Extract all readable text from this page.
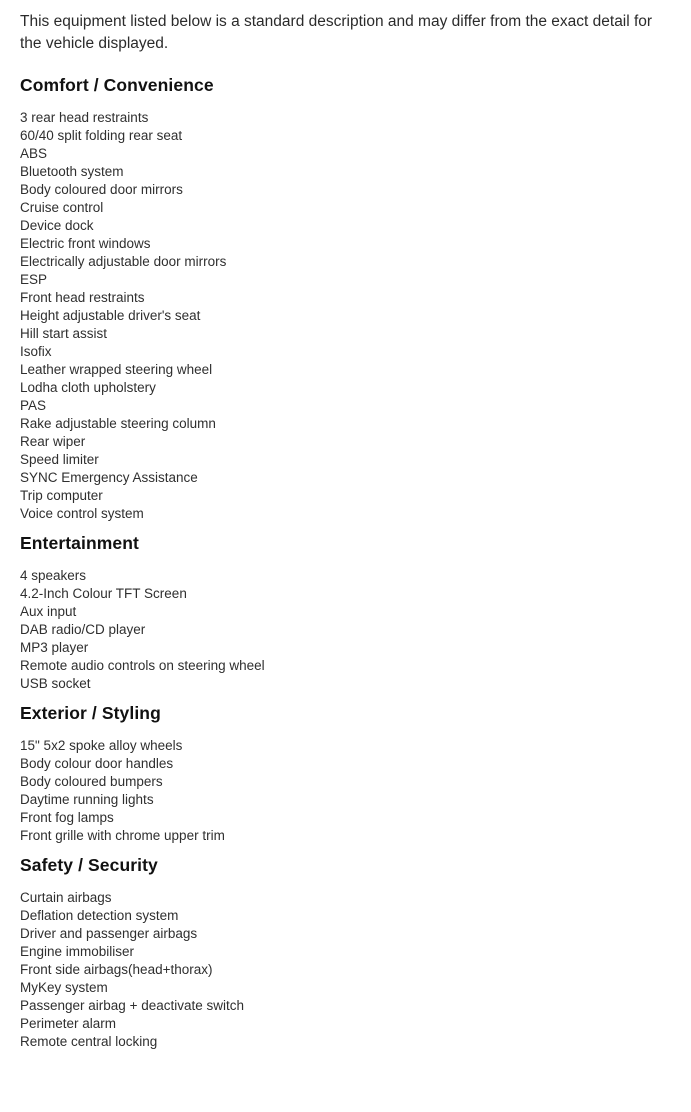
This equipment listed below is a standard description and may differ from the exact detail for the vehicle displayed.

Comfort / Convenience
3 rear head restraints
60/40 split folding rear seat
ABS
Bluetooth system
Body coloured door mirrors
Cruise control
Device dock
Electric front windows
Electrically adjustable door mirrors
ESP
Front head restraints
Height adjustable driver's seat
Hill start assist
Isofix
Leather wrapped steering wheel
Lodha cloth upholstery
PAS
Rake adjustable steering column
Rear wiper
Speed limiter
SYNC Emergency Assistance
Trip computer
Voice control system
Entertainment
4 speakers
4.2-Inch Colour TFT Screen
Aux input
DAB radio/CD player
MP3 player
Remote audio controls on steering wheel
USB socket
Exterior / Styling
15" 5x2 spoke alloy wheels
Body colour door handles
Body coloured bumpers
Daytime running lights
Front fog lamps
Front grille with chrome upper trim
Safety / Security
Curtain airbags
Deflation detection system
Driver and passenger airbags
Engine immobiliser
Front side airbags(head+thorax)
MyKey system
Passenger airbag + deactivate switch
Perimeter alarm
Remote central locking
